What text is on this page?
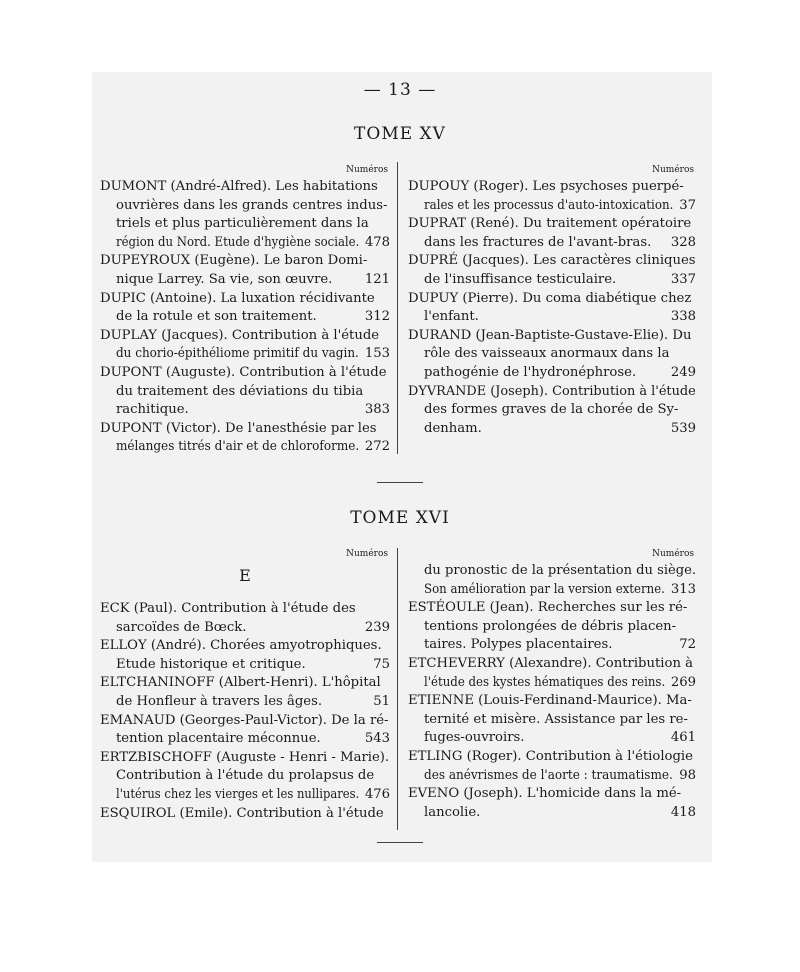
— 13 —
TOME XV
Numéros
DUMONT (André-Alfred). Les habitations
ouvrières dans les grands centres indus-
triels et plus particulièrement dans la
région du Nord. Etude d'hygiène sociale. 478
DUPEYROUX (Eugène). Le baron Domi-
nique Larrey. Sa vie, son œuvre. 121
DUPIC (Antoine). La luxation récidivante
de la rotule et son traitement.	312
DUPLAY (Jacques). Contribution à l'étude
du chorio-épithéliome primitif du vagin. 153
DUPONT (Auguste). Contribution à l'étude
du traitement des déviations du tibia
rachitique.	383
DUPONT (Victor). De l'anesthésie par les
mélanges titrés d'air et de chloroforme. 272
Numéros
DUPOUY (Roger). Les psychoses puerpé-
rales et les processus d'auto-intoxication. 37
DUPRAT (René). Du traitement opératoire
dans les fractures de l'avant-bras. 328
DUPRÉ (Jacques). Les caractères cliniques
de l'insuffisance testiculaire.	337
DUPUY (Pierre). Du coma diabétique chez
l'enfant.	338
DURAND (Jean-Baptiste-Gustave-Elie). Du
rôle des vaisseaux anormaux dans la
pathogénie de l'hydronéphrose.	249
DYVRANDE (Joseph). Contribution à l'étude
des formes graves de la chorée de Sy-
denham.	539
TOME XVI
Numéros
E
ECK (Paul). Contribution à l'étude des
sarcoïdes de Bœck.	239
ELLOY (André). Chorées amyotrophiques.
Etude historique et critique.	75
ELTCHANINOFF (Albert-Henri). L'hôpital
de Honfleur à travers les âges.	51
EMANAUD (Georges-Paul-Victor). De la ré-
tention placentaire méconnue.	543
ERTZBISCHOFF (Auguste - Henri - Marie).
Contribution à l'étude du prolapsus de
l'utérus chez les vierges et les nullipares. 476
ESQUIROL (Emile). Contribution à l'étude
Numéros
du pronostic de la présentation du siège.
Son amélioration par la version externe. 313
ESTÉOULE (Jean). Recherches sur les ré-
tentions prolongées de débris placen-
taires. Polypes placentaires.	72
ETCHEVERRY (Alexandre). Contribution à
l'étude des kystes hématiques des reins. 269
ETIENNE (Louis-Ferdinand-Maurice). Ma-
ternité et misère. Assistance par les re-
fuges-ouvroirs.	461
ETLING (Roger). Contribution à l'étiologie
des anévrismes de l'aorte : traumatisme. 98
EVENO (Joseph). L'homicide dans la mé-
lancolie.	418
